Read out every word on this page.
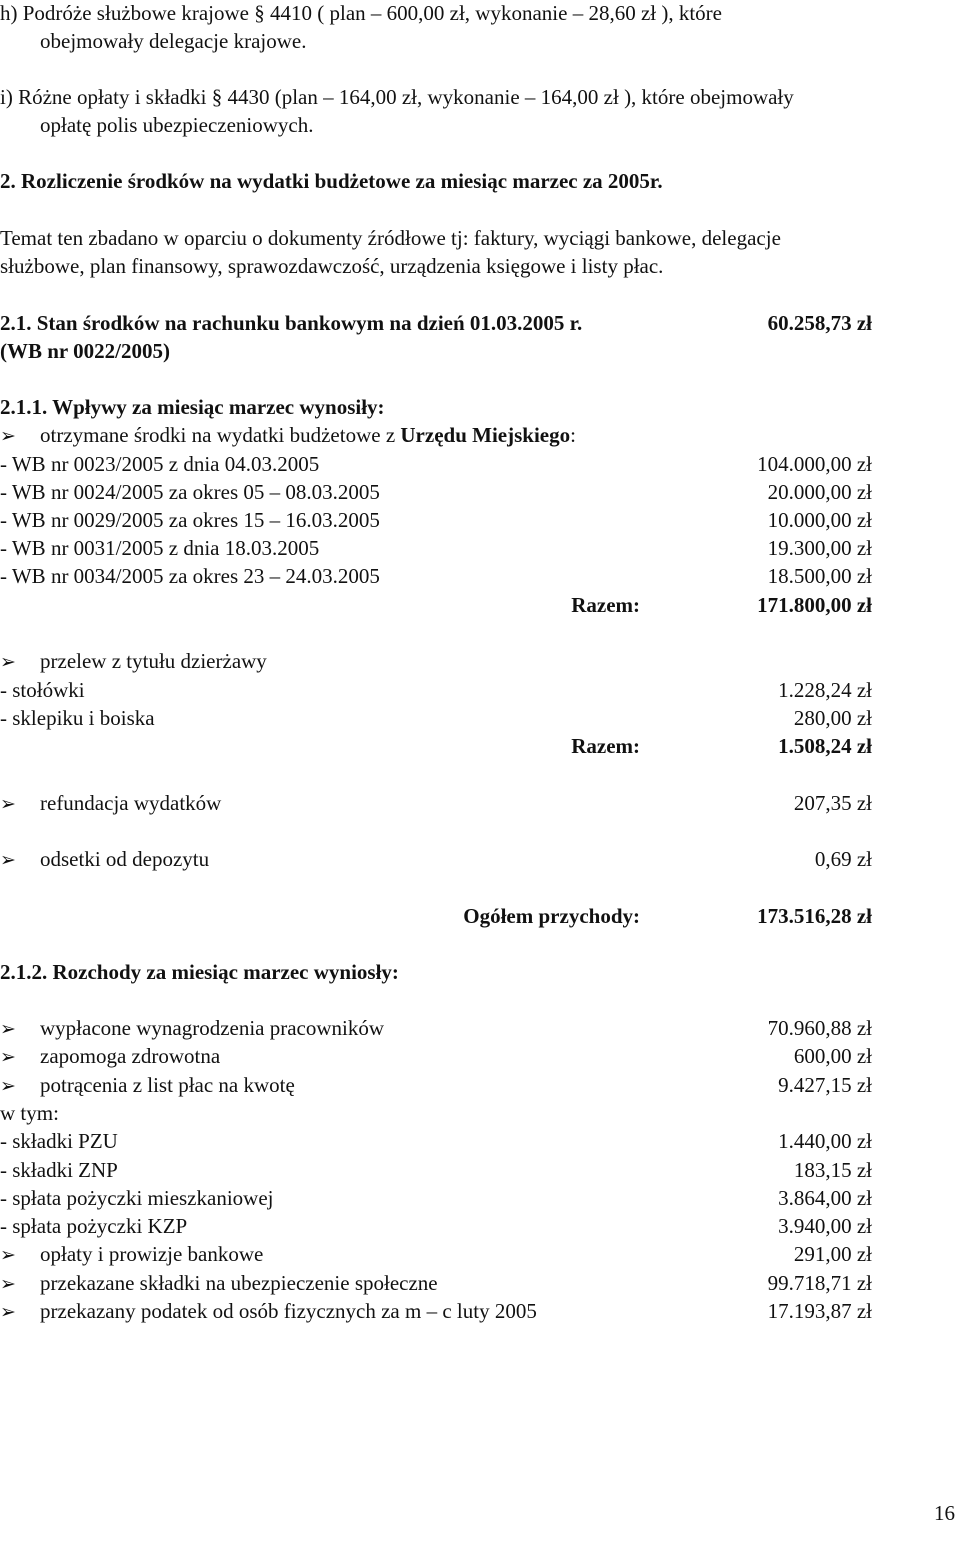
h) Podróże służbowe krajowe § 4410 ( plan – 600,00 zł, wykonanie – 28,60 zł ), które
obejmowały delegacje krajowe.
i) Różne opłaty i składki § 4430 (plan – 164,00 zł, wykonanie – 164,00 zł ), które obejmowały
opłatę polis ubezpieczeniowych.
2. Rozliczenie środków na wydatki budżetowe za miesiąc marzec za 2005r.
Temat ten zbadano w oparciu o dokumenty źródłowe tj: faktury, wyciągi bankowe, delegacje
służbowe, plan finansowy, sprawozdawczość, urządzenia księgowe i listy płac.
2.1. Stan środków na rachunku bankowym na dzień 01.03.2005 r.	60.258,73 zł
(WB nr 0022/2005)
2.1.1. Wpływy za miesiąc marzec wynosiły:
➢ otrzymane środki na wydatki budżetowe z Urzędu Miejskiego:
- WB nr 0023/2005 z dnia 04.03.2005	104.000,00 zł
- WB nr 0024/2005 za okres 05 – 08.03.2005	20.000,00 zł
- WB nr 0029/2005 za okres 15 – 16.03.2005	10.000,00 zł
- WB nr 0031/2005 z dnia 18.03.2005	19.300,00 zł
- WB nr 0034/2005 za okres 23 – 24.03.2005	18.500,00 zł
Razem:	171.800,00 zł
➢ przelew z tytułu dzierżawy
- stołówki	1.228,24 zł
- sklepiku i boiska	280,00 zł
Razem:	1.508,24 zł
➢ refundacja wydatków	207,35 zł
➢ odsetki od depozytu	0,69 zł
Ogółem przychody:	173.516,28 zł
2.1.2. Rozchody za miesiąc marzec wyniosły:
➢ wypłacone wynagrodzenia pracowników	70.960,88 zł
➢ zapomoga zdrowotna	600,00 zł
➢ potrącenia z list płac na kwotę	9.427,15 zł
w tym:
- składki PZU	1.440,00 zł
- składki ZNP	183,15 zł
- spłata pożyczki mieszkaniowej	3.864,00 zł
- spłata pożyczki KZP	3.940,00 zł
➢ opłaty i prowizje bankowe	291,00 zł
➢ przekazane składki na ubezpieczenie społeczne	99.718,71 zł
➢ przekazany podatek od osób fizycznych za m – c luty 2005	17.193,87 zł
16
